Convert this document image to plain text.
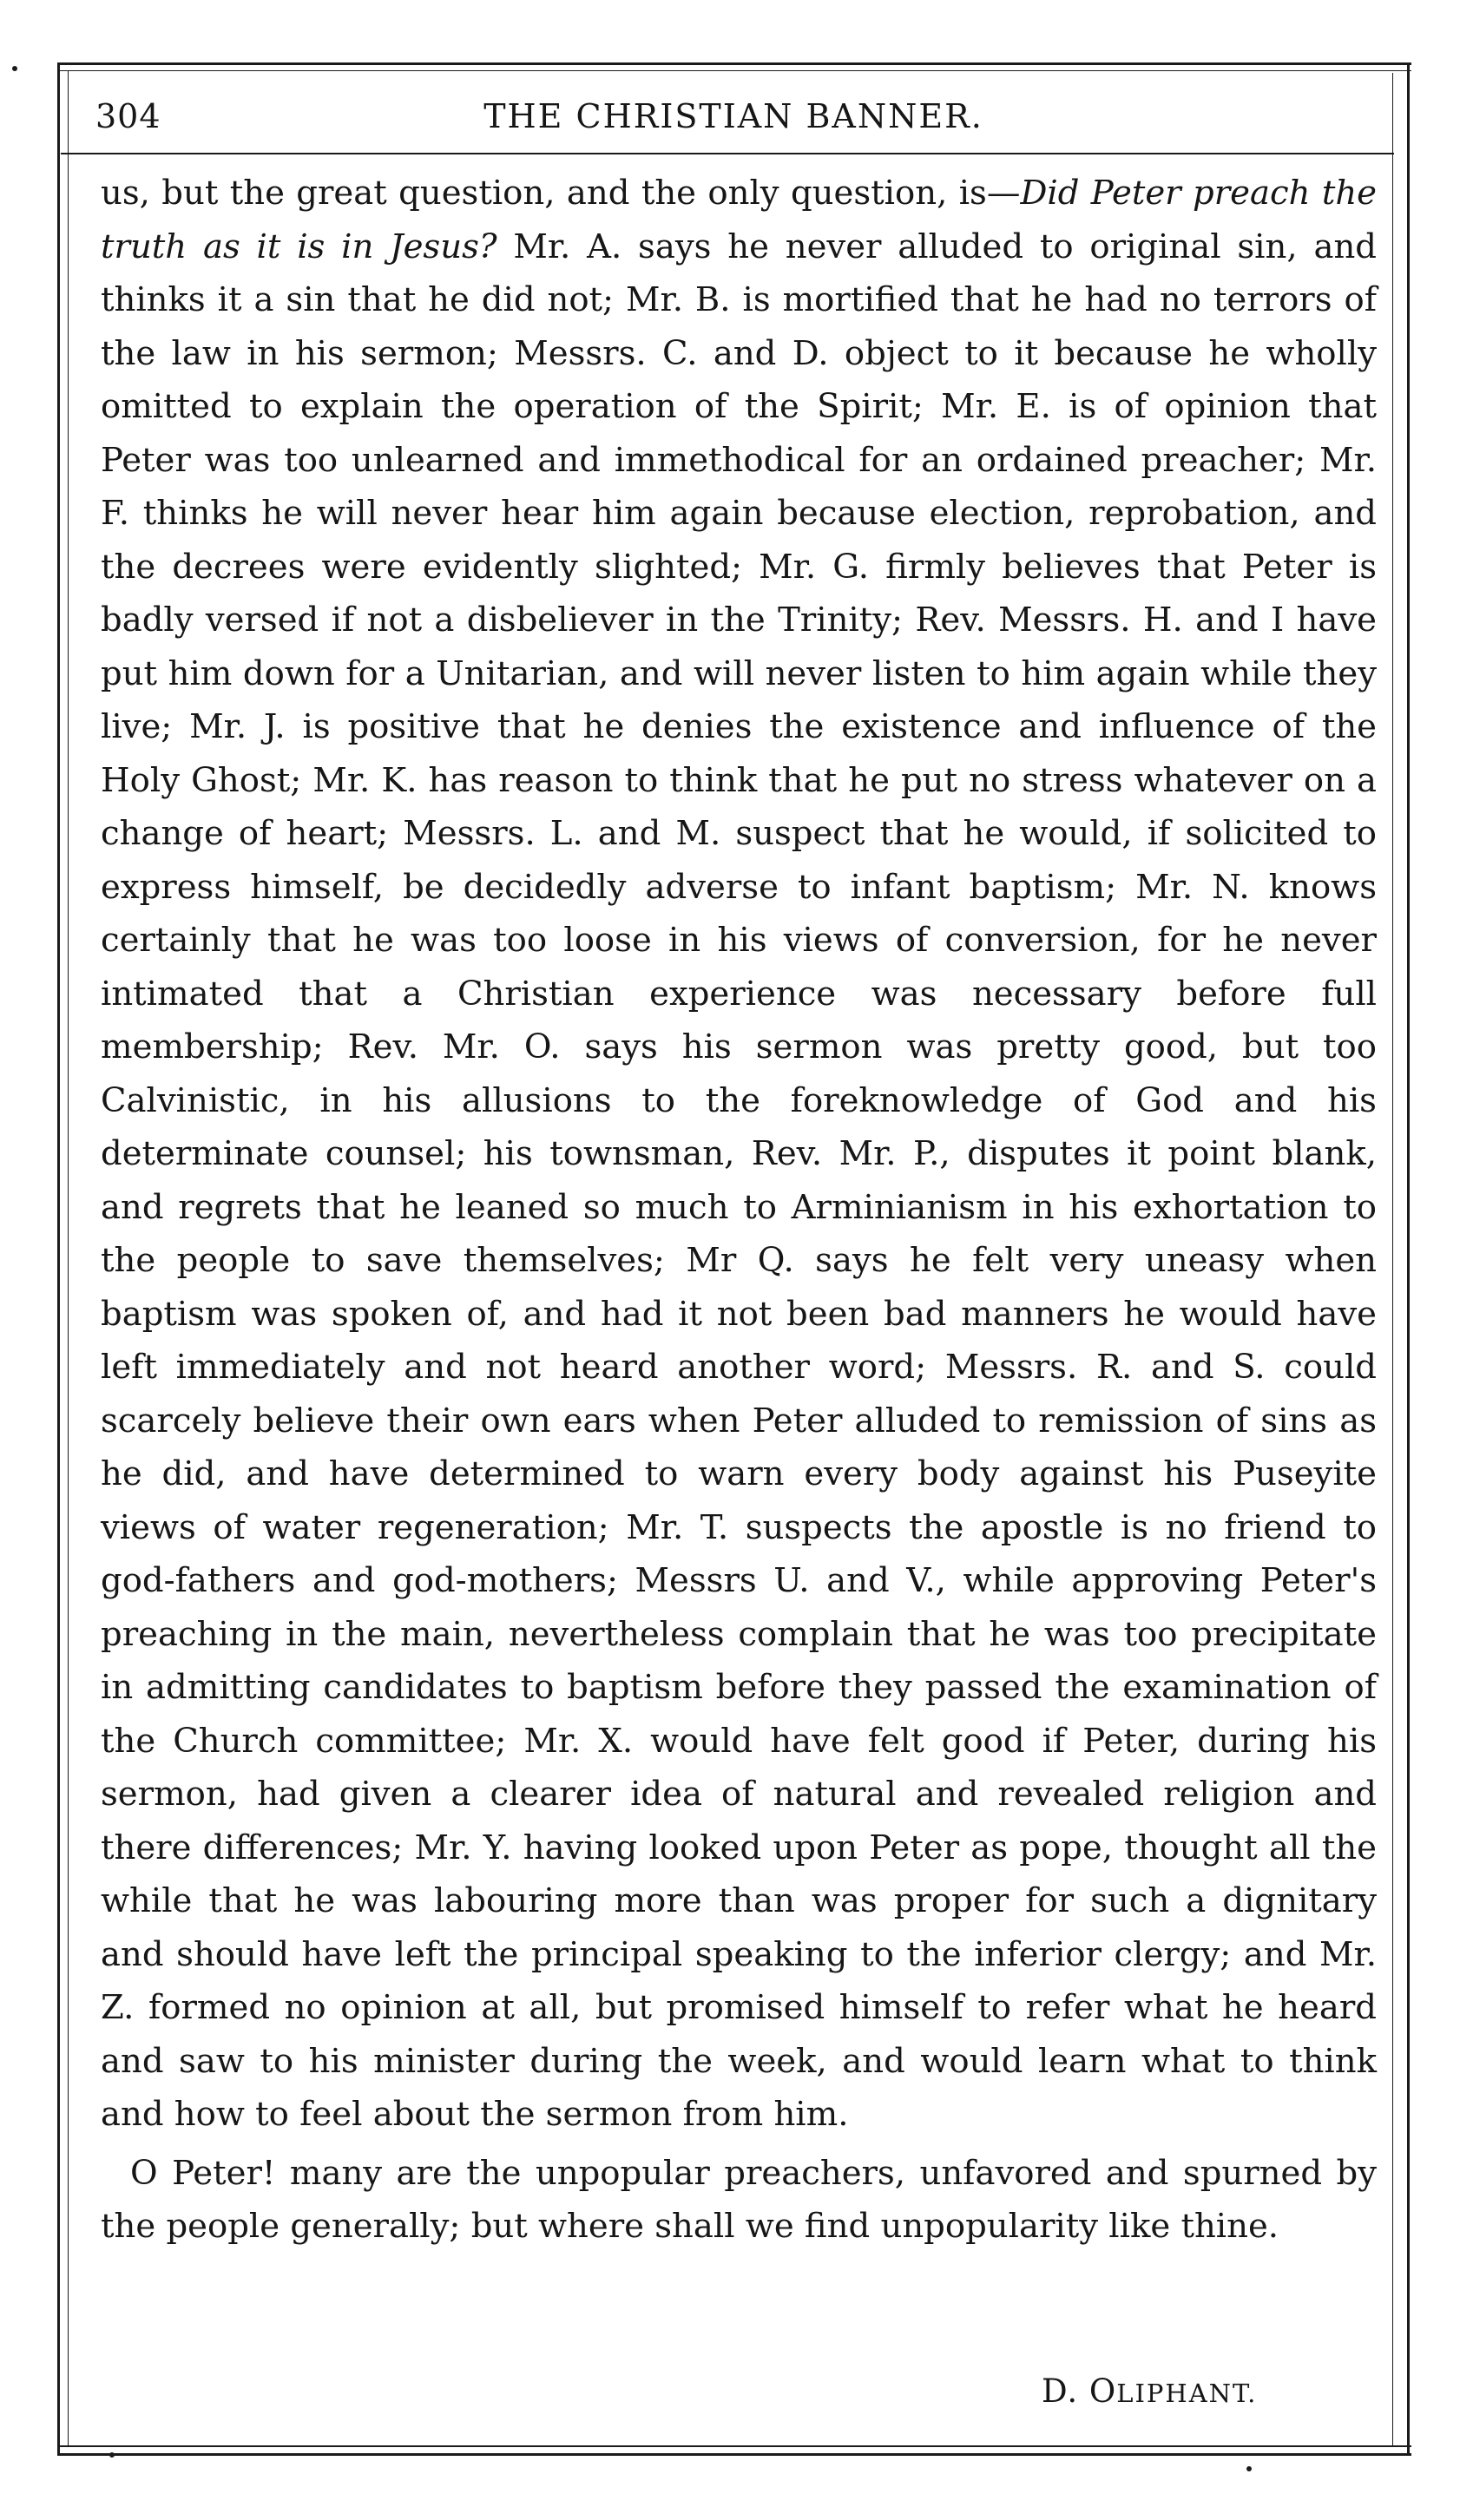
304	THE CHRISTIAN BANNER.

us, but the great question, and the only question, is—Did Peter preach the truth as it is in Jesus? Mr. A. says he never alluded to original sin, and thinks it a sin that he did not; Mr. B. is mortified that he had no terrors of the law in his sermon; Messrs. C. and D. object to it because he wholly omitted to explain the operation of the Spirit; Mr. E. is of opinion that Peter was too unlearned and immethodical for an ordained preacher; Mr. F. thinks he will never hear him again because election, reprobation, and the decrees were evidently slighted; Mr. G. firmly believes that Peter is badly versed if not a disbeliever in the Trinity; Rev. Messrs. H. and I have put him down for a Unitarian, and will never listen to him again while they live; Mr. J. is positive that he denies the existence and influence of the Holy Ghost; Mr. K. has reason to think that he put no stress whatever on a change of heart; Messrs. L. and M. suspect that he would, if solicited to express himself, be decidedly adverse to infant baptism; Mr. N. knows certainly that he was too loose in his views of conversion, for he never intimated that a Christian experience was necessary before full membership; Rev. Mr. O. says his sermon was pretty good, but too Calvinistic, in his allusions to the foreknowledge of God and his determinate counsel; his townsman, Rev. Mr. P., disputes it point blank, and regrets that he leaned so much to Arminianism in his exhortation to the people to save themselves; Mr Q. says he felt very uneasy when baptism was spoken of, and had it not been bad manners he would have left immediately and not heard another word; Messrs. R. and S. could scarcely believe their own ears when Peter alluded to remission of sins as he did, and have determined to warn every body against his Puseyite views of water regeneration; Mr. T. suspects the apostle is no friend to god-fathers and god-mothers; Messrs U. and V., while approving Peter's preaching in the main, nevertheless complain that he was too precipitate in admitting candidates to baptism before they passed the examination of the Church committee; Mr. X. would have felt good if Peter, during his sermon, had given a clearer idea of natural and revealed religion and there differences; Mr. Y. having looked upon Peter as pope, thought all the while that he was labouring more than was proper for such a dignitary and should have left the principal speaking to the inferior clergy; and Mr. Z. formed no opinion at all, but promised himself to refer what he heard and saw to his minister during the week, and would learn what to think and how to feel about the sermon from him.

O Peter! many are the unpopular preachers, unfavored and spurned by the people generally; but where shall we find unpopularity like thine.

D. OLIPHANT.
